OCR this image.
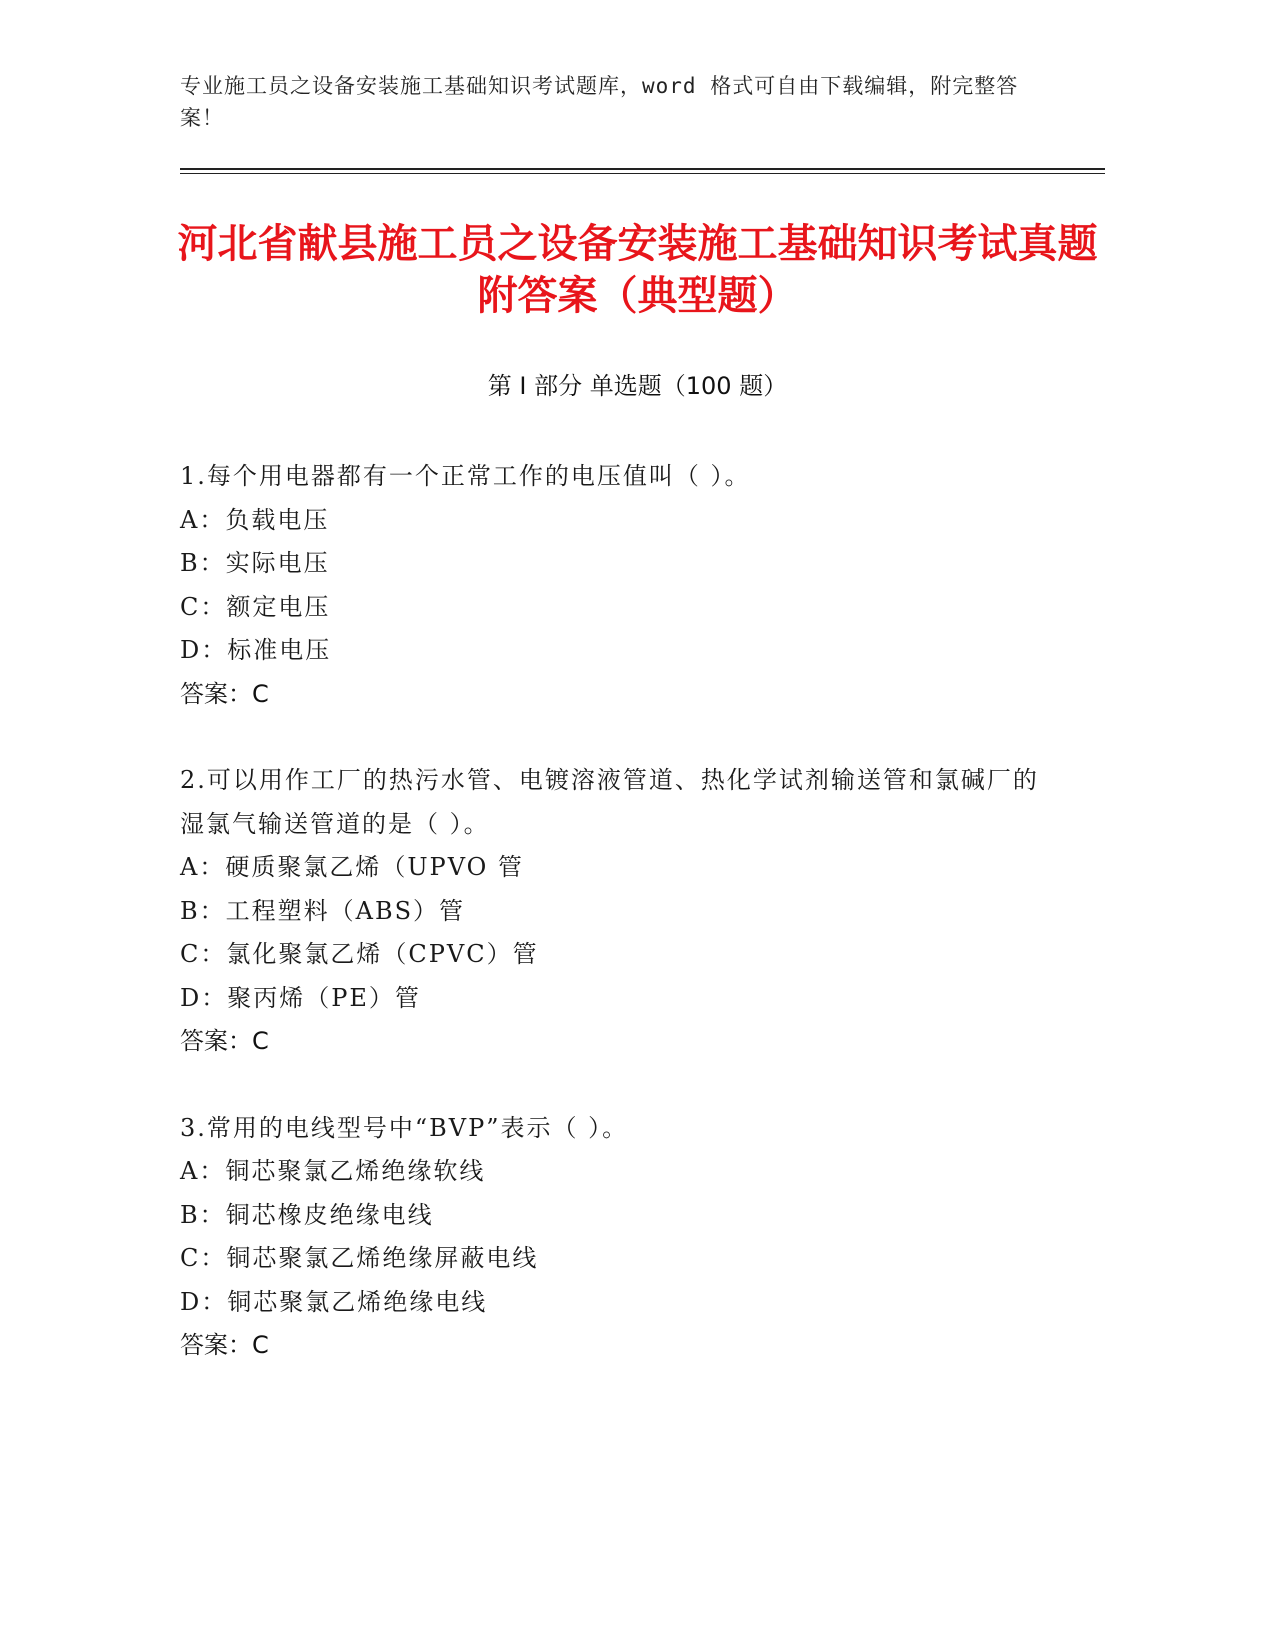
专业施工员之设备安装施工基础知识考试题库，word 格式可自由下载编辑，附完整答案！
河北省献县施工员之设备安装施工基础知识考试真题附答案（典型题）
第 I 部分 单选题（100 题）
1.每个用电器都有一个正常工作的电压值叫（ ）。
A：负载电压
B：实际电压
C：额定电压
D：标准电压
答案：C
2.可以用作工厂的热污水管、电镀溶液管道、热化学试剂输送管和氯碱厂的湿氯气输送管道的是（ ）。
A：硬质聚氯乙烯（UPVO 管
B：工程塑料（ABS）管
C：氯化聚氯乙烯（CPVC）管
D：聚丙烯（PE）管
答案：C
3.常用的电线型号中“BVP”表示（ ）。
A：铜芯聚氯乙烯绝缘软线
B：铜芯橡皮绝缘电线
C：铜芯聚氯乙烯绝缘屏蔽电线
D：铜芯聚氯乙烯绝缘电线
答案：C
